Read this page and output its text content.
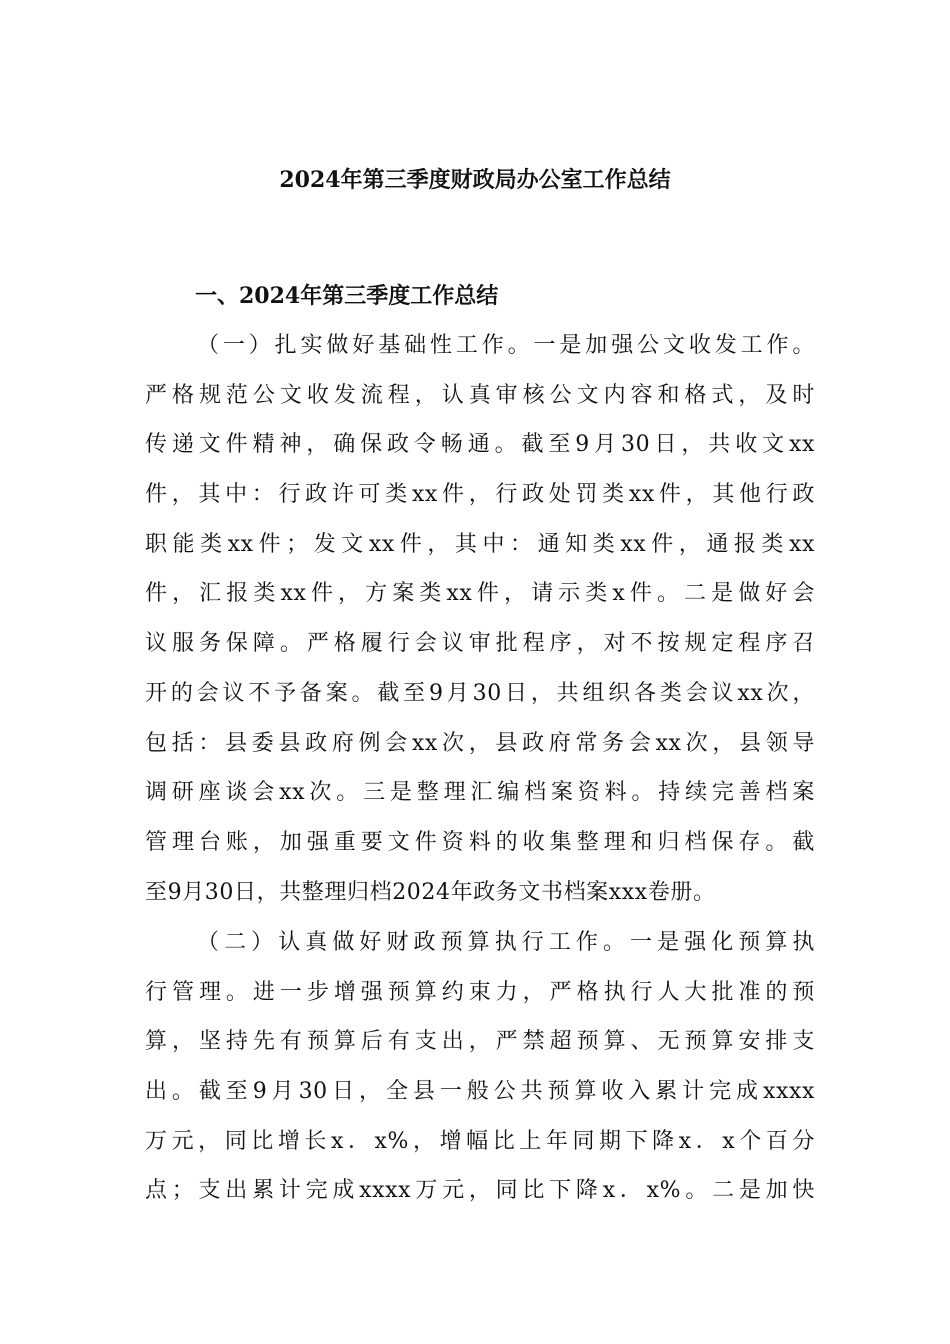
2024年第三季度财政局办公室工作总结
一、2024年第三季度工作总结
（一）扎实做好基础性工作。一是加强公文收发工作。
严格规范公文收发流程，认真审核公文内容和格式，及时
传递文件精神，确保政令畅通。截至9月30日，共收文xx
件，其中：行政许可类xx件，行政处罚类xx件，其他行政
职能类xx件；发文xx件，其中：通知类xx件，通报类xx
件，汇报类xx件，方案类xx件，请示类x件。二是做好会
议服务保障。严格履行会议审批程序，对不按规定程序召
开的会议不予备案。截至9月30日，共组织各类会议xx次，
包括：县委县政府例会xx次，县政府常务会xx次，县领导
调研座谈会xx次。三是整理汇编档案资料。持续完善档案
管理台账，加强重要文件资料的收集整理和归档保存。截
至9月30日，共整理归档2024年政务文书档案xxx卷册。
（二）认真做好财政预算执行工作。一是强化预算执
行管理。进一步增强预算约束力，严格执行人大批准的预
算，坚持先有预算后有支出，严禁超预算、无预算安排支
出。截至9月30日，全县一般公共预算收入累计完成xxxx
万元，同比增长x．x%，增幅比上年同期下降x．x个百分
点；支出累计完成xxxx万元，同比下降x．x%。二是加快
